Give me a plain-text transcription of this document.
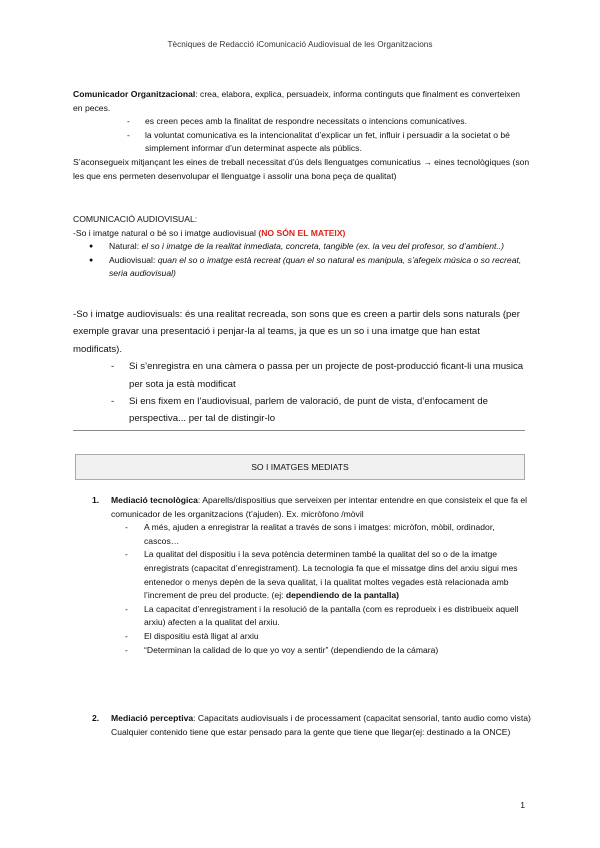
Tècniques de Redacció iComunicació Audiovisual de les Organitzacions

Comunicador Organitzacional: crea, elabora, explica, persuadeix, informa continguts que finalment es converteixen en peces.

- es creen peces amb la finalitat de respondre necessitats o intencions comunicatives.
- la voluntat comunicativa es la intencionalitat d’explicar un fet, influir i persuadir a la societat o bé simplement informar d’un determinat aspecte als públics.

S’aconsegueix mitjançant les eines de treball necessitat d’ús dels llenguatges comunicatius → eines tecnològiques (son les que ens permeten desenvolupar el llenguatge i assolir una bona peça de qualitat)

COMUNICACIÓ AUDIOVISUAL:

-So i imatge natural o bé so i imatge audiovisual (NO SÓN EL MATEIX)

● Natural: el so i imatge de la realitat inmediata, concreta, tangible (ex. la veu del profesor, so d’ambient..)
● Audiovisual: quan el so o imatge està recreat (quan el so natural es manipula, s’afegeix música o so recreat, seria audiovisual)

-So i imatge audiovisuals: és una realitat recreada, son sons que es creen a partir dels sons naturals (per exemple gravar una presentació i penjar-la al teams, ja que es un so i una imatge que han estat modificats).

- Si s’enregistra en una càmera o passa per un projecte de post-producció ficant-li una musica per sota ja està modificat
- Si ens fixem en l’audiovisual, parlem de valoració, de punt de vista, d’enfocament de perspectiva... per tal de distingir-lo
SO I IMATGES MEDIATS
1. Mediació tecnològica: Aparells/dispositius que serveixen per intentar entendre en que consisteix el que fa el comunicador de les organitzacions (t’ajuden). Ex. micròfono /mòvil
- A més, ajuden a enregistrar la realitat a través de sons i imatges: micròfon, mòbil, ordinador, cascos…
- La qualitat del dispositiu i la seva potència determinen també la qualitat del so o de la imatge enregistrats (capacitat d’enregistrament). La tecnologia fa que el missatge dins del arxiu sigui mes entenedor o menys depèn de la seva qualitat, i la qualitat moltes vegades està relacionada amb l’increment de preu del producte. (ej: dependiendo de la pantalla)
- La capacitat d’enregistrament i la resolució de la pantalla (com es reprodueix i es distribueix aquell arxiu) afecten a la qualitat del arxiu.
- El dispositiu està lligat al arxiu
- “Determinan la calidad de lo que yo voy a sentir” (dependiendo de la cámara)
2. Mediació perceptiva: Capacitats audiovisuals i de processament (capacitat sensorial, tanto audio como vista) Cualquier contenido tiene que estar pensado para la gente que tiene que llegar(ej: destinado a la ONCE)
1
